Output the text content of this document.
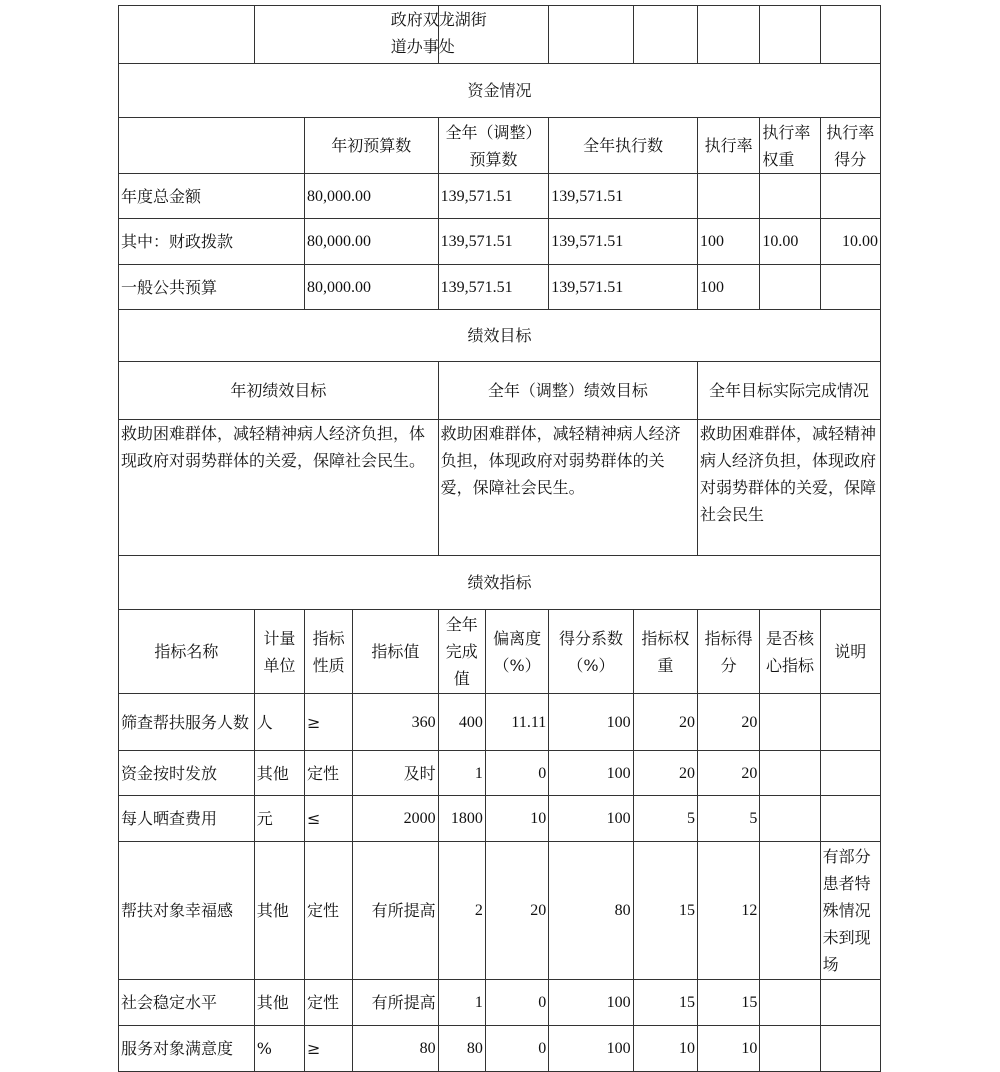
	政府双龙湖街道办事处									

资金情况										
		年初预算数		全年（调整）预算数		全年执行数		执行率	执行率权重	执行率得分
年度总金额		80,000.00		139,571.51		139,571.51				
其中：财政拨款		80,000.00		139,571.51		139,571.51		100	10.00	10.00
一般公共预算		80,000.00		139,571.51		139,571.51		100		
绩效目标										
年初绩效目标				全年（调整）绩效目标				全年目标实际完成情况		
救助困难群体，减轻精神病人经济负担，体现政府对弱势群体的关爱，保障社会民生。				救助困难群体，减轻精神病人经济负担，体现政府对弱势群体的关爱，保障社会民生。				救助困难群体，减轻精神病人经济负担，体现政府对弱势群体的关爱，保障社会民生		
绩效指标										
指标名称	计量单位	指标性质	指标值	全年完成值	偏离度（%）	得分系数（%）	指标权重	指标得分	是否核心指标	说明
筛查帮扶服务人数	人	≥	360	400	11.11	100	20	20		
资金按时发放	其他	定性	及时	1	0	100	20	20		
每人晒查费用	元	≤	2000	1800	10	100	5	5		
帮扶对象幸福感	其他	定性	有所提高	2	20	80	15	12		有部分患者特殊情况未到现场
社会稳定水平	其他	定性	有所提高	1	0	100	15	15		
服务对象满意度	%	≥	80	80	0	100	10	10		
